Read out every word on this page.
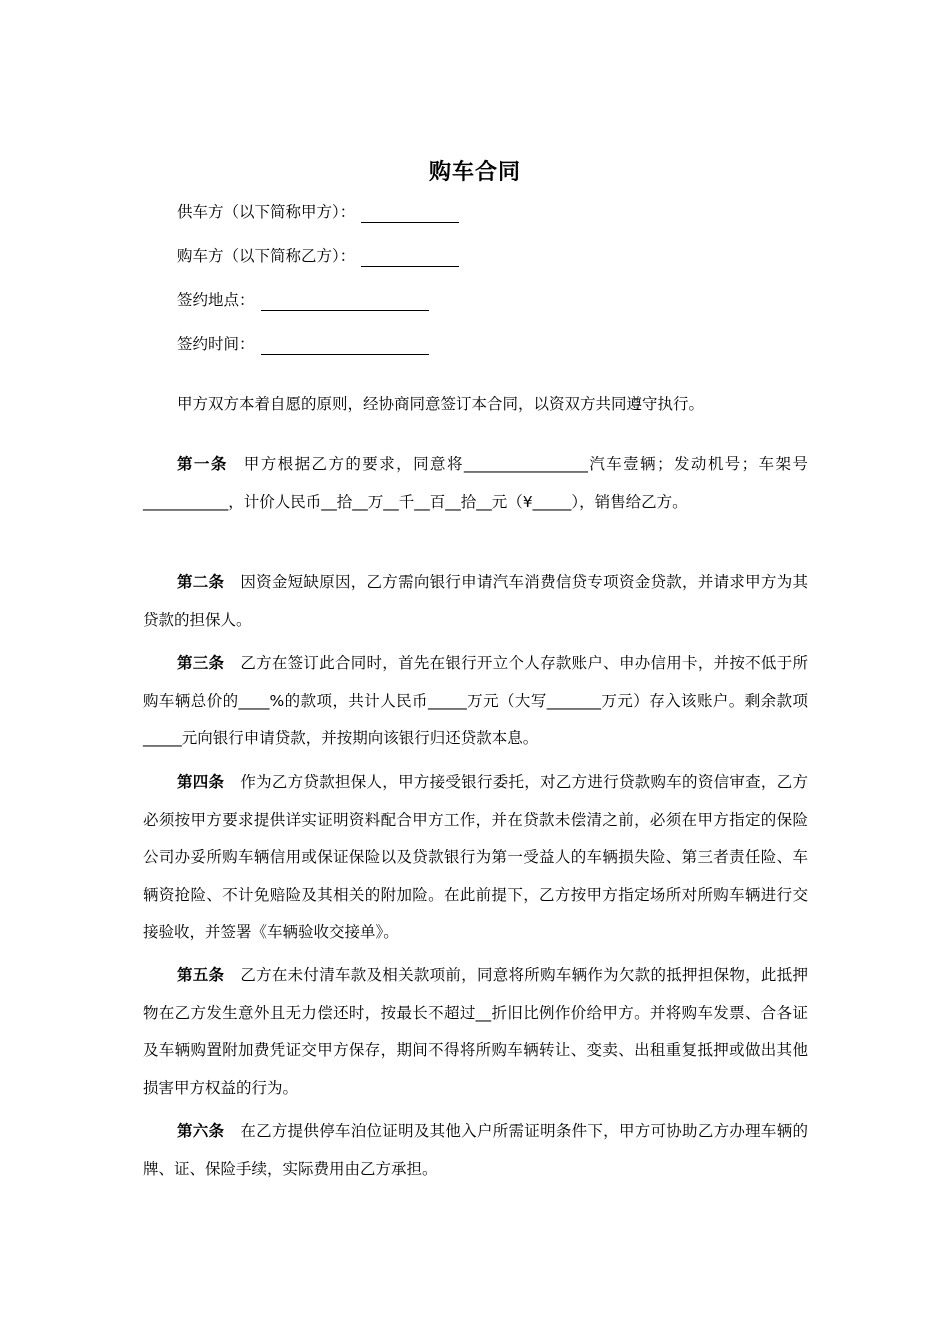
购车合同
供车方（以下简称甲方）：
购车方（以下简称乙方）：
签约地点：
签约时间：
甲方双方本着自愿的原则，经协商同意签订本合同，以资双方共同遵守执行。
第一条 甲方根据乙方的要求，同意将________________汽车壹辆；发动机号；车架号___________，计价人民币__拾__万__千__百__拾__元（¥_____），销售给乙方。
第二条 因资金短缺原因，乙方需向银行申请汽车消费信贷专项资金贷款，并请求甲方为其贷款的担保人。
第三条 乙方在签订此合同时，首先在银行开立个人存款账户、申办信用卡，并按不低于所购车辆总价的____%的款项，共计人民币_____万元（大写_______万元）存入该账户。剩余款项_____元向银行申请贷款，并按期向该银行归还贷款本息。
第四条 作为乙方贷款担保人，甲方接受银行委托，对乙方进行贷款购车的资信审查，乙方必须按甲方要求提供详实证明资料配合甲方工作，并在贷款未偿清之前，必须在甲方指定的保险公司办妥所购车辆信用或保证保险以及贷款银行为第一受益人的车辆损失险、第三者责任险、车辆资抢险、不计免赔险及其相关的附加险。在此前提下，乙方按甲方指定场所对所购车辆进行交接验收，并签署《车辆验收交接单》。
第五条 乙方在未付清车款及相关款项前，同意将所购车辆作为欠款的抵押担保物，此抵押物在乙方发生意外且无力偿还时，按最长不超过__折旧比例作价给甲方。并将购车发票、合各证及车辆购置附加费凭证交甲方保存，期间不得将所购车辆转让、变卖、出租重复抵押或做出其他损害甲方权益的行为。
第六条 在乙方提供停车泊位证明及其他入户所需证明条件下，甲方可协助乙方办理车辆的牌、证、保险手续，实际费用由乙方承担。
